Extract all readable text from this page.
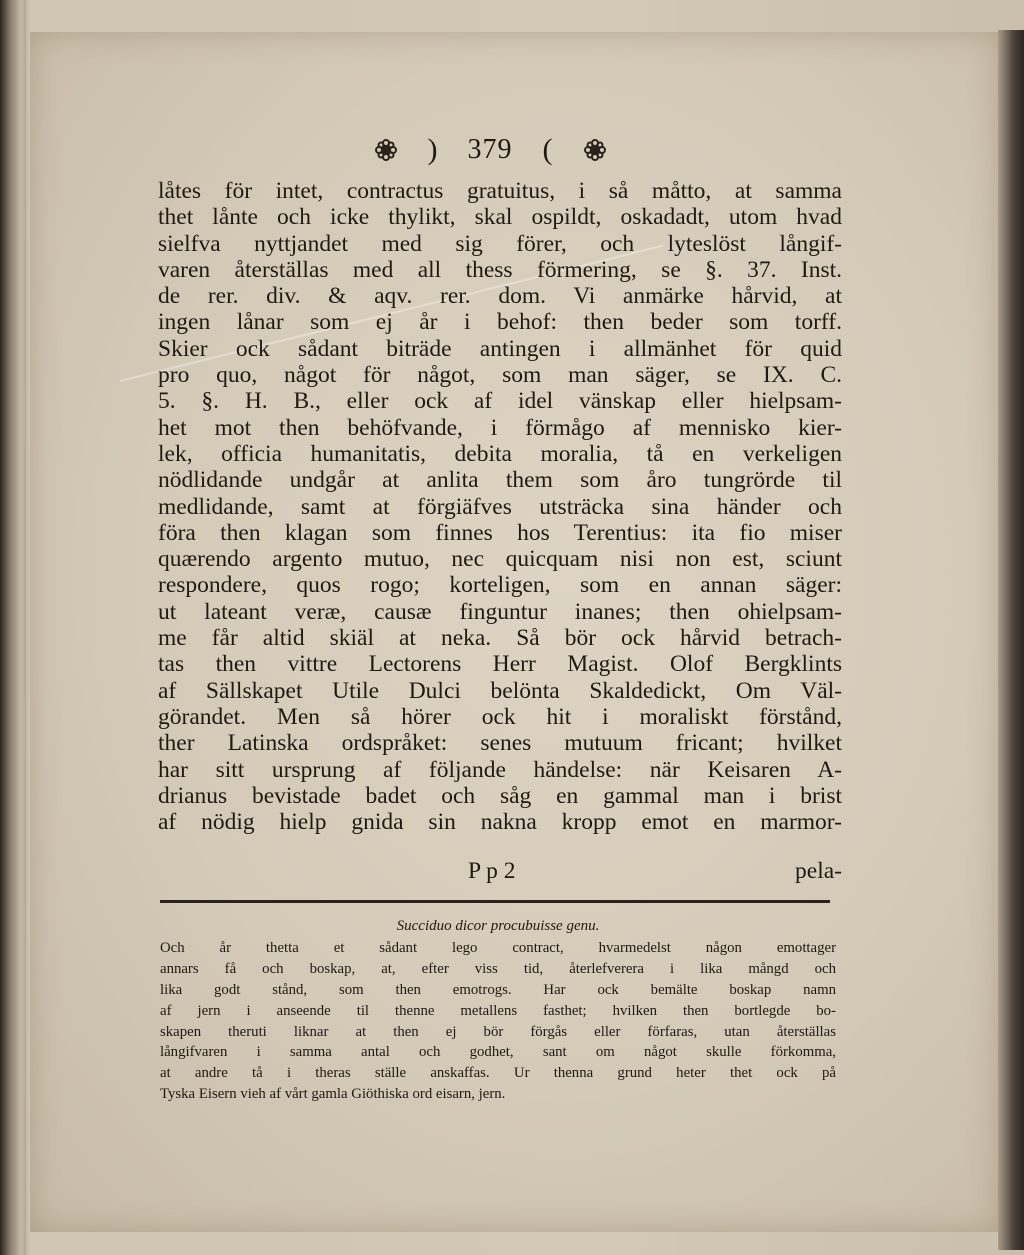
) 379 (
låtes för intet, contractus gratuitus, i så måtto, at samma
thet lånte och icke thylikt, skal ospildt, oskadadt, utom hvad
sielfva nyttjandet med sig förer, och lyteslöst långif-
varen återställas med all thess förmering, se §. 37. Inst.
de rer. div. & aqv. rer. dom. Vi anmärke hårvid, at
ingen lånar som ej år i behof: then beder som torff.
Skier ock sådant biträde antingen i allmänhet för quid
pro quo, något för något, som man säger, se IX. C.
5. §. H. B., eller ock af idel vänskap eller hielpsam-
het mot then behöfvande, i förmågo af mennisko kier-
lek, officia humanitatis, debita moralia, tå en verkeligen
nödlidande undgår at anlita them som åro tungrörde til
medlidande, samt at förgiäfves utsträcka sina händer och
föra then klagan som finnes hos Terentius: ita fio miser
quærendo argento mutuo, nec quicquam nisi non est, sciunt
respondere, quos rogo; korteligen, som en annan säger:
ut lateant veræ, causæ finguntur inanes; then ohielpsam-
me får altid skiäl at neka. Så bör ock hårvid betrach-
tas then vittre Lectorens Herr Magist. Olof Bergklints
af Sällskapet Utile Dulci belönta Skaldedickt, Om Väl-
görandet. Men så hörer ock hit i moraliskt förstånd,
ther Latinska ordspråket: senes mutuum fricant; hvilket
har sitt ursprung af följande händelse: när Keisaren A-
drianus bevistade badet och såg en gammal man i brist
af nödig hielp gnida sin nakna kropp emot en marmor-
P p 2	pela-
Succiduo dicor procubuisse genu.
Och år thetta et sådant lego contract, hvarmedelst någon emottager
annars få och boskap, at, efter viss tid, återlefverera i lika mångd och
lika godt stånd, som then emotrogs. Har ock bemälte boskap namn
af jern i anseende til thenne metallens fasthet; hvilken then bortlegde bo-
skapen theruti liknar at then ej bör förgås eller förfaras, utan återställas
långifvaren i samma antal och godhet, sant om något skulle förkomma,
at andre tå i theras ställe anskaffas. Ur thenna grund heter thet ock på
Tyska Eisern vieh af vårt gamla Giöthiska ord eisarn, jern.
